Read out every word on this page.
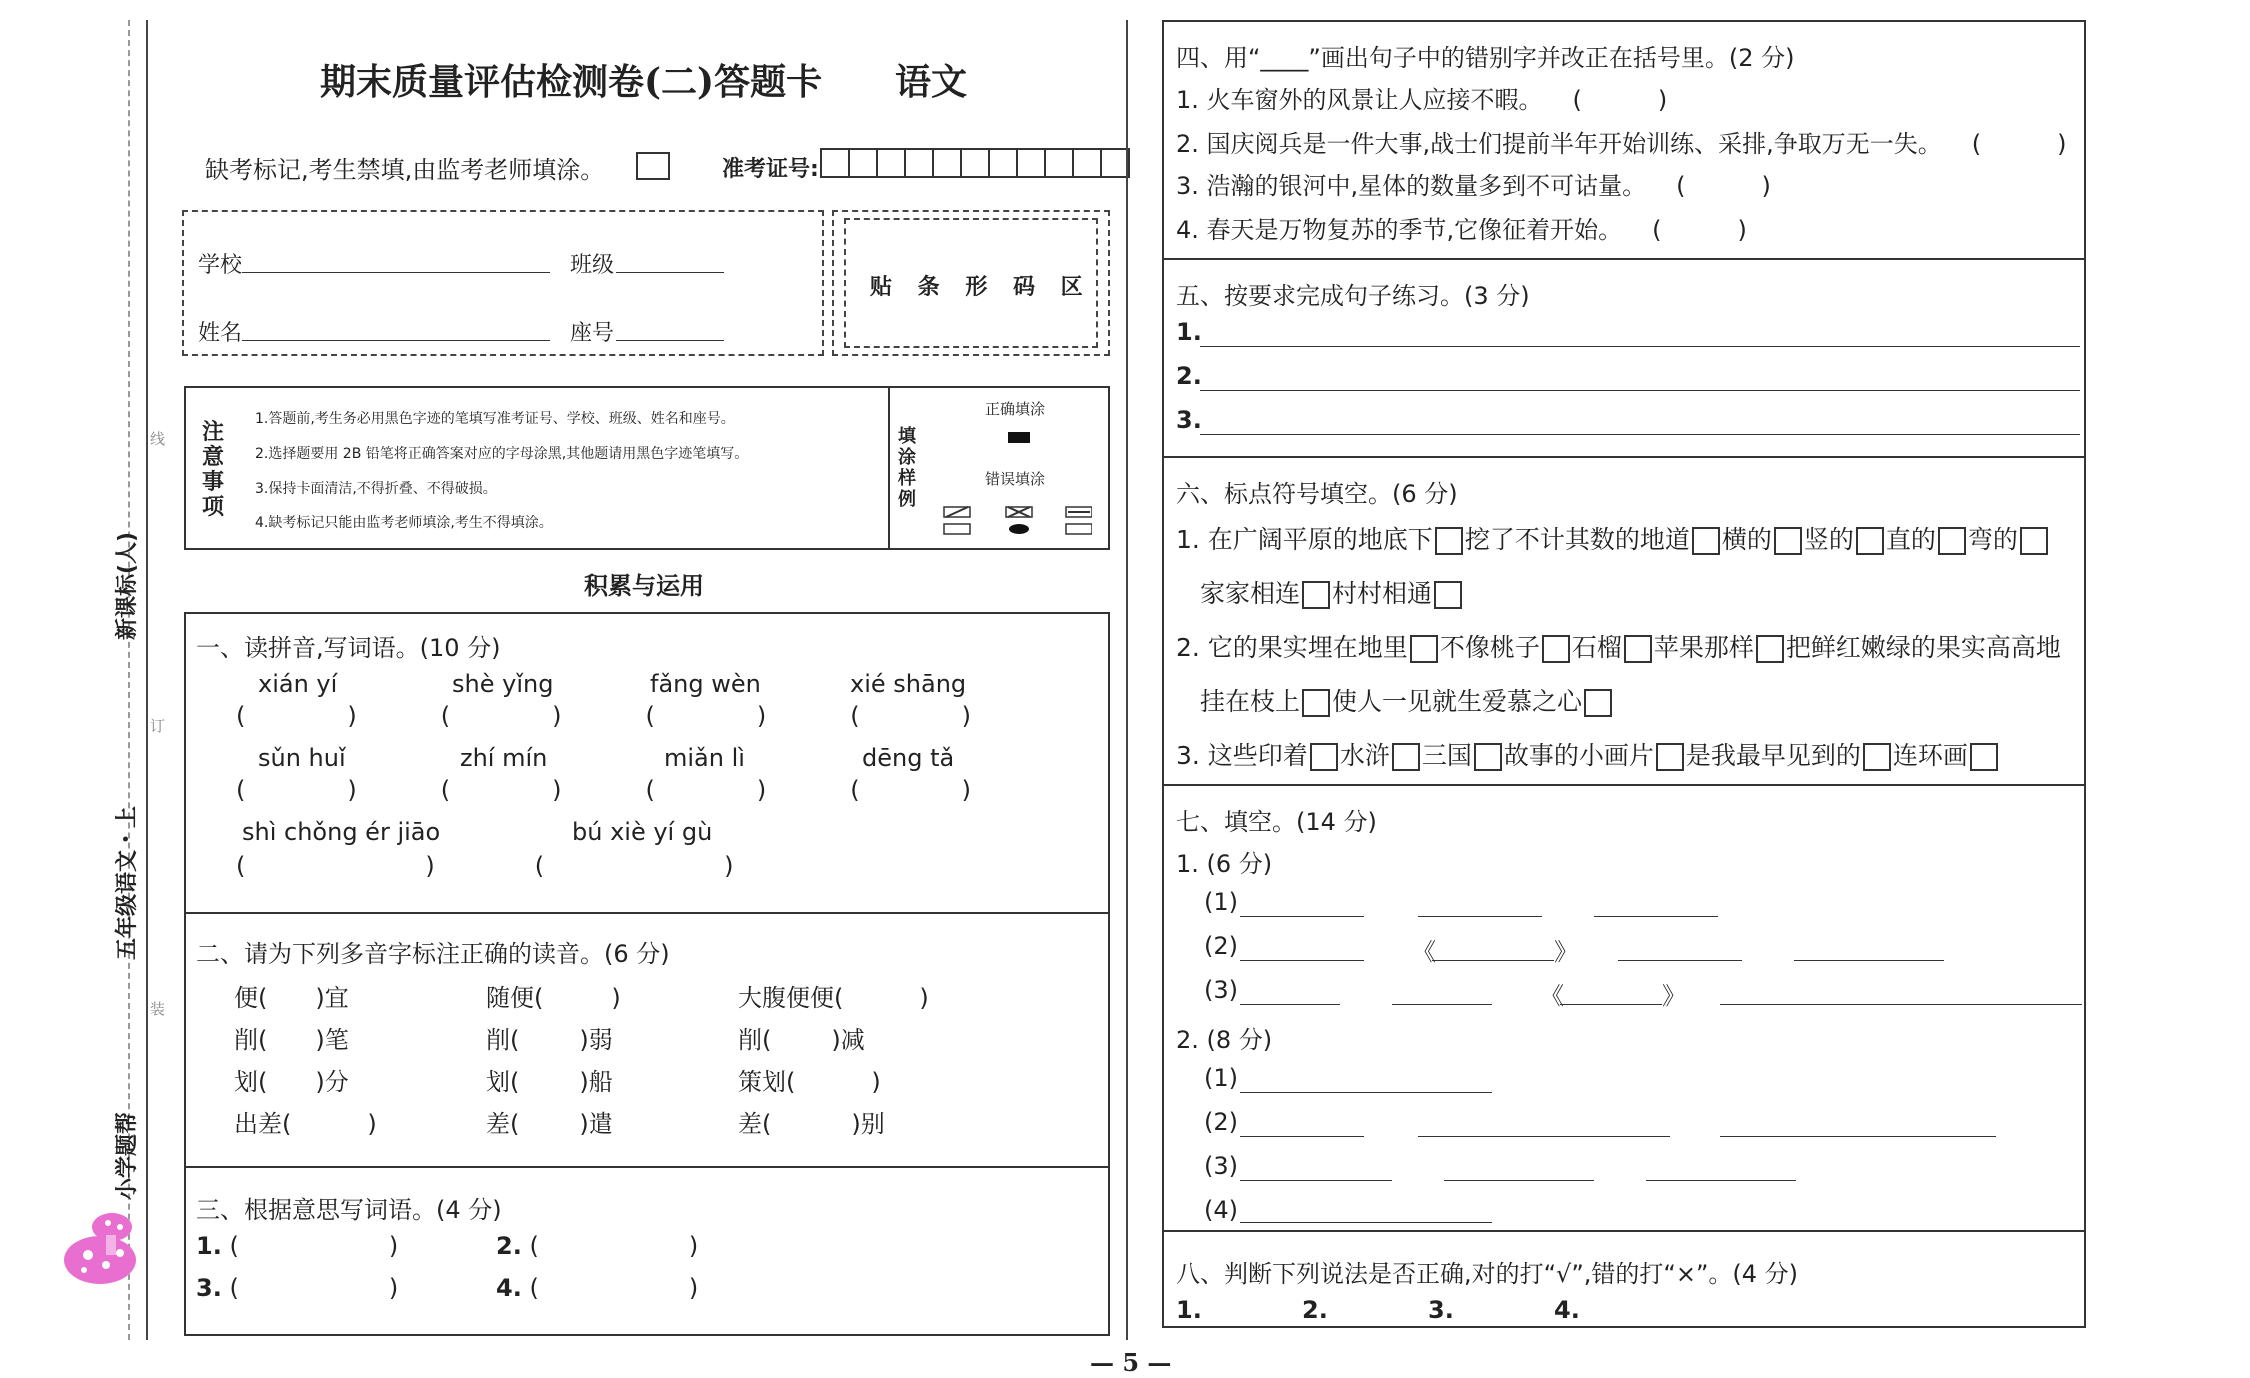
线
订
装
新课标(人)
五年级语文・上
小学题帮
期末质量评估检测卷(二)答题卡 语文
缺考标记,考生禁填,由监考老师填涂。	准考证号:
学校	班级
姓名	座号
贴 条 形 码 区
注意事项
1.答题前,考生务必用黑色字迹的笔填写准考证号、学校、班级、姓名和座号。
2.选择题要用 2B 铅笔将正确答案对应的字母涂黑,其他题请用黑色字迹笔填写。
3.保持卡面清洁,不得折叠、不得破损。
4.缺考标记只能由监考老师填涂,考生不得填涂。
填涂样例
正确填涂
错误填涂
积累与运用
一、读拼音,写词语。(10 分)
xián yí	shè yǐng	fǎng wèn	xié shāng
(	)	(	)	(	)	(	)
sǔn huǐ	zhí mín	miǎn lì	dēng tǎ
(	)	(	)	(	)	(	)
shì chǒng ér jiāo	bú xiè yí gù
(	)	(	)
二、请为下列多音字标注正确的读音。(6 分)
便( )宜	随便(	)	大腹便便(	)
削( )笔	削(	)弱	削(	)减
划( )分	划(	)船	策划(	)
出差(	)	差(	)遣	差(	)别
三、根据意思写词语。(4 分)
1. (	)	2. (	)
3. (	)	4. (	)
四、用“____”画出句子中的错别字并改正在括号里。(2 分)
1. 火车窗外的风景让人应接不暇。 (	)
2. 国庆阅兵是一件大事,战士们提前半年开始训练、采排,争取万无一失。 (	)
3. 浩瀚的银河中,星体的数量多到不可诂量。 (	)
4. 春天是万物复苏的季节,它像征着开始。 (	)
五、按要求完成句子练习。(3 分)
1.
2.
3.
六、标点符号填空。(6 分)
1. 在广阔平原的地底下 挖了不计其数的地道 横的 竖的 直的 弯的
家家相连 村村相通
2. 它的果实埋在地里 不像桃子 石榴 苹果那样 把鲜红嫩绿的果实高高地
挂在枝上 使人一见就生爱慕之心
3. 这些印着 水浒 三国 故事的小画片 是我最早见到的 连环画
七、填空。(14 分)
1. (6 分)
(1)
(2)	《	》
(3)	《	》
2. (8 分)
(1)
(2)
(3)
(4)
八、判断下列说法是否正确,对的打“√”,错的打“×”。(4 分)
1.	2.	3.	4.
— 5 —
